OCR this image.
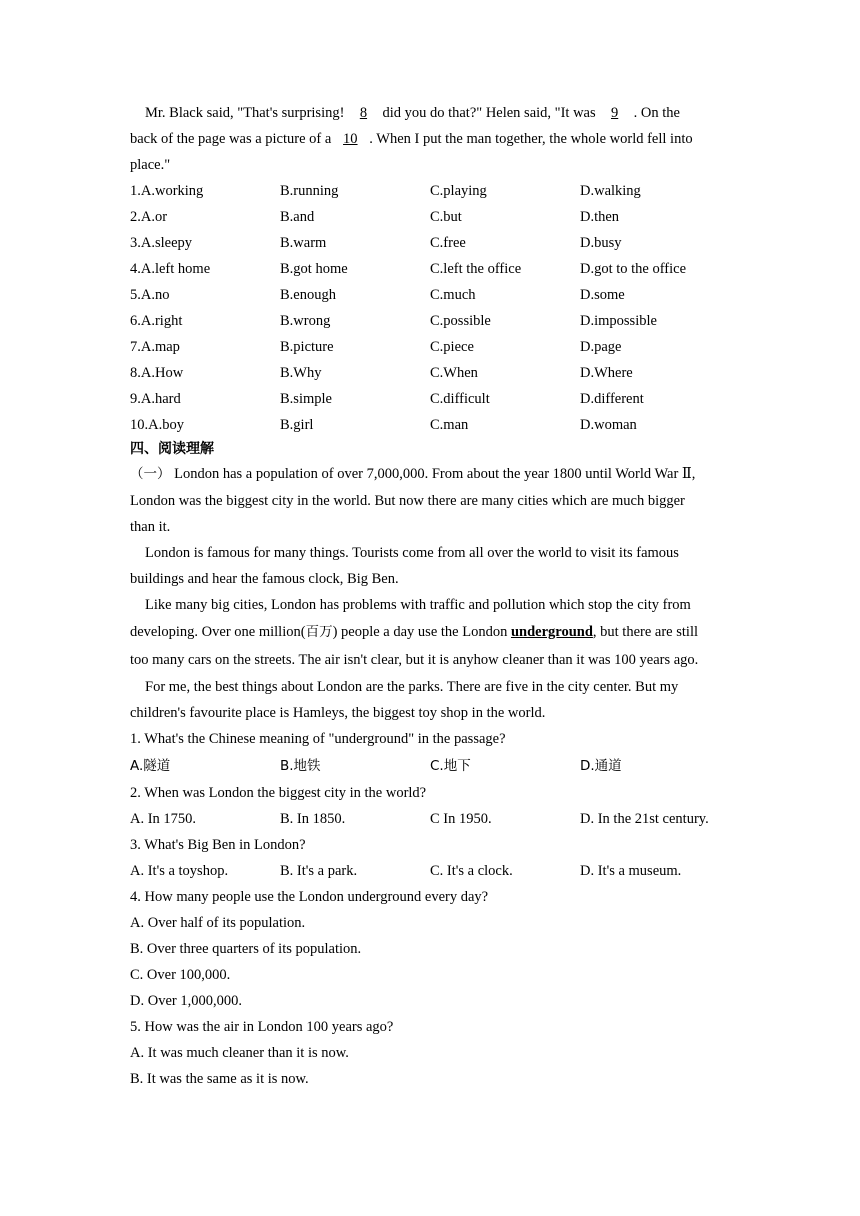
Mr. Black said, "That's surprising! 8 did you do that?" Helen said, "It was 9 . On the
back of the page was a picture of a 10 . When I put the man together, the whole world fell into
place."
1.A.working	B.running	C.playing	D.walking
2.A.or	B.and	C.but	D.then
3.A.sleepy	B.warm	C.free	D.busy
4.A.left home	B.got home	C.left the office	D.got to the office
5.A.no	B.enough	C.much	D.some
6.A.right	B.wrong	C.possible	D.impossible
7.A.map	B.picture	C.piece	D.page
8.A.How	B.Why	C.When	D.Where
9.A.hard	B.simple	C.difficult	D.different
10.A.boy	B.girl	C.man	D.woman
四、阅读理解
（一） London has a population of over 7,000,000. From about the year 1800 until World War Ⅱ,
London was the biggest city in the world. But now there are many cities which are much bigger
than it.
London is famous for many things. Tourists come from all over the world to visit its famous
buildings and hear the famous clock, Big Ben.
Like many big cities, London has problems with traffic and pollution which stop the city from
developing. Over one million(百万) people a day use the London underground, but there are still
too many cars on the streets. The air isn't clear, but it is anyhow cleaner than it was 100 years ago.
For me, the best things about London are the parks. There are five in the city center. But my
children's favourite place is Hamleys, the biggest toy shop in the world.
1. What's the Chinese meaning of "underground" in the passage?
A.隧道	B.地铁	C.地下	D.通道
2. When was London the biggest city in the world?
A. In 1750.	B. In 1850.	C In 1950.	D. In the 21st century.
3. What's Big Ben in London?
A. It's a toyshop.	B. It's a park.	C. It's a clock.	D. It's a museum.
4. How many people use the London underground every day?
A. Over half of its population.
B. Over three quarters of its population.
C. Over 100,000.
D. Over 1,000,000.
5. How was the air in London 100 years ago?
A. It was much cleaner than it is now.
B. It was the same as it is now.
